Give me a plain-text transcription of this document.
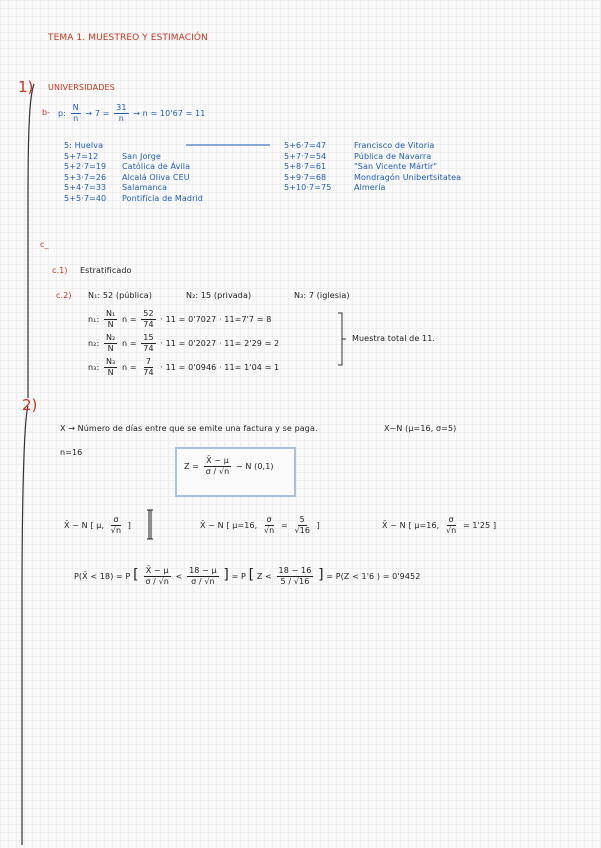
TEMA 1. MUESTREO Y ESTIMACIÓN
1) UNIVERSIDADES
b- p: $\frac{N}{n} \to 7 = \frac{31}{n} \to n$ ≃ 10'67 ≃ 11
5: Huelva
5+7=12	San Jorge
5+2·7=19 Católica de Ávila
5+3·7=26 Alcalá Oliva CEU
5+4·7=33 Salamanca
5+5·7=40 Pontificia de Madrid
5+6·7=47	Francisco de Vitoria
5+7·7=54	Pública de Navarra
5+8·7=61	"San Vicente Mártir"
5+9·7=68	Mondragón Unibertsitatea
5+10·7=75	Almería
c_
c.1) Estratificado
c.2) N₁: 52 (pública)	N₂: 15 (privada)	N₃: 7 (iglesia)
n₁: $\frac{\text{N₁}}{N}$ $n = \frac{52}{74} \cdot 11 = 0'7027 \cdot 11=7'7$ ≃ 8
n₂: $\frac{\text{N₂}}{N}$ $n = \frac{15}{74} \cdot 11 = 0'2027 \cdot 11= 2'29$ ≃ 2
n₃: $\frac{\text{N₃}}{N}$ $n = \frac{7}{74} \cdot 11 = 0'0946 \cdot 11= 1'04$ ≃ 1
Muestra total de 11.
2)
X → Número de días entre que se emite una factura y se paga.	X~N (μ=16, σ=5)
n=16
$Z = \frac{X̄ - \mu}{\sigma / √n}$ ∼ N (0,1)
X̄ ~ N [ μ, $\frac{\sigma}{√n}$ ]	X̄ ~ N [ μ=16, $\frac{\sigma}{√n} = \frac{5}{√16}$ ]	X̄ ~ N [ μ=16, $\frac{\sigma}{√n} = 1'25$ ]
P(X̄ < 18) = P [ $\frac{X̄ - \mu}{\sigma / √n} < \frac{18 - \mu}{\sigma / √n}$ ] = P [ $Z < \frac{18 - 16}{5 / √16}$ ] = P(Z < 1'6 ) = 0'9452
